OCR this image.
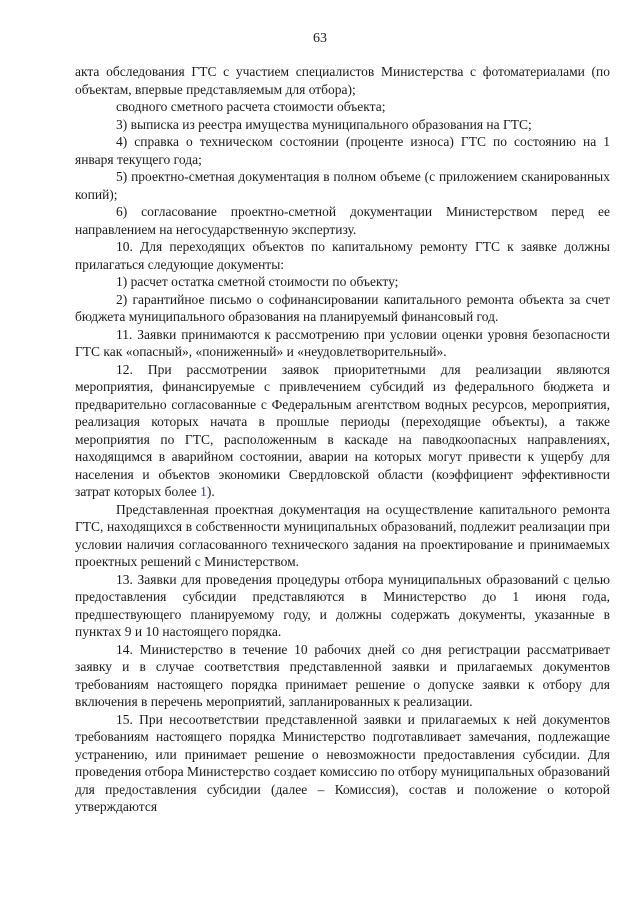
63

акта обследования ГТС с участием специалистов Министерства с фотоматериалами (по объектам, впервые представляемым для отбора);

сводного сметного расчета стоимости объекта;

3) выписка из реестра имущества муниципального образования на ГТС;

4) справка о техническом состоянии (проценте износа) ГТС по состоянию на 1 января текущего года;

5) проектно-сметная документация в полном объеме (с приложением сканированных копий);

6) согласование проектно-сметной документации Министерством перед ее направлением на негосударственную экспертизу.

10. Для переходящих объектов по капитальному ремонту ГТС к заявке должны прилагаться следующие документы:

1) расчет остатка сметной стоимости по объекту;

2) гарантийное письмо о софинансировании капитального ремонта объекта за счет бюджета муниципального образования на планируемый финансовый год.

11. Заявки принимаются к рассмотрению при условии оценки уровня безопасности ГТС как «опасный», «пониженный» и «неудовлетворительный».

12. При рассмотрении заявок приоритетными для реализации являются мероприятия, финансируемые с привлечением субсидий из федерального бюджета и предварительно согласованные с Федеральным агентством водных ресурсов, мероприятия, реализация которых начата в прошлые периоды (переходящие объекты), а также мероприятия по ГТС, расположенным в каскаде на паводкоопасных направлениях, находящимся в аварийном состоянии, аварии на которых могут привести к ущербу для населения и объектов экономики Свердловской области (коэффициент эффективности затрат которых более 1).

Представленная проектная документация на осуществление капитального ремонта ГТС, находящихся в собственности муниципальных образований, подлежит реализации при условии наличия согласованного технического задания на проектирование и принимаемых проектных решений с Министерством.

13. Заявки для проведения процедуры отбора муниципальных образований с целью предоставления субсидии представляются в Министерство до 1 июня года, предшествующего планируемому году, и должны содержать документы, указанные в пунктах 9 и 10 настоящего порядка.

14. Министерство в течение 10 рабочих дней со дня регистрации рассматривает заявку и в случае соответствия представленной заявки и прилагаемых документов требованиям настоящего порядка принимает решение о допуске заявки к отбору для включения в перечень мероприятий, запланированных к реализации.

15. При несоответствии представленной заявки и прилагаемых к ней документов требованиям настоящего порядка Министерство подготавливает замечания, подлежащие устранению, или принимает решение о невозможности предоставления субсидии. Для проведения отбора Министерство создает комиссию по отбору муниципальных образований для предоставления субсидии (далее – Комиссия), состав и положение о которой утверждаются
